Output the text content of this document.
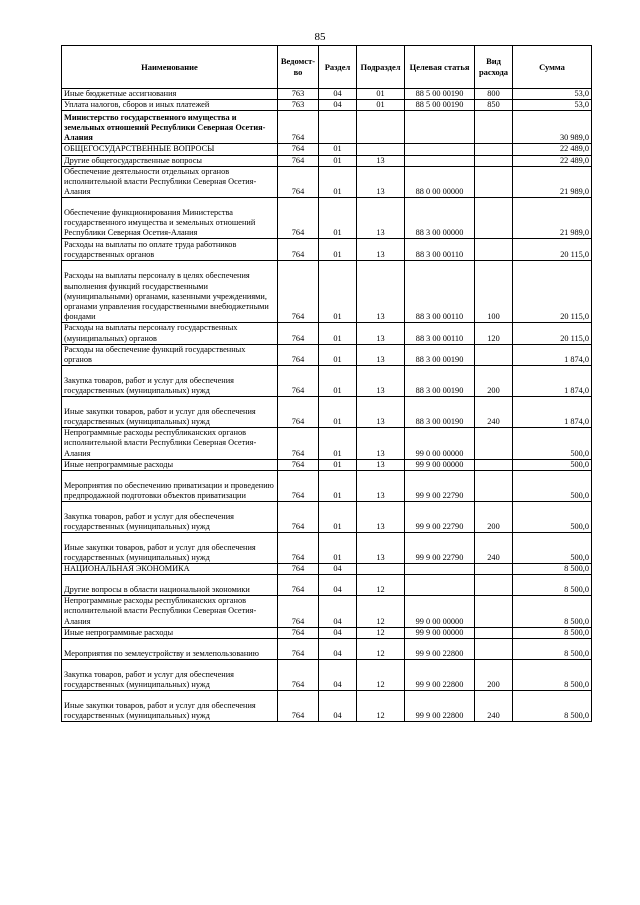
85
Наименование	Ведомст-во	Раздел	Подраздел	Целевая статья	Вид расхода	Сумма
Иные бюджетные ассигнования	763	04	01	88 5 00 00190	800	53,0
Уплата налогов, сборов и иных платежей	763	04	01	88 5 00 00190	850	53,0
Министерство государственного имущества и земельных отношений Республики Северная Осетия-Алания	764					30 989,0
ОБЩЕГОСУДАРСТВЕННЫЕ ВОПРОСЫ	764	01				22 489,0
Другие общегосударственные вопросы	764	01	13			22 489,0
Обеспечение деятельности отдельных органов исполнительной власти Республики Северная Осетия-Алания	764	01	13	88 0 00 00000		21 989,0
Обеспечение функционирования Министерства государственного имущества и земельных отношений Республики Северная Осетия-Алания	764	01	13	88 3 00 00000		21 989,0
Расходы на выплаты по оплате труда работников государственных органов	764	01	13	88 3 00 00110		20 115,0
Расходы на выплаты персоналу в целях обеспечения выполнения функций государственными (муниципальными) органами, казенными учреждениями, органами управления государственными внебюджетными фондами	764	01	13	88 3 00 00110	100	20 115,0
Расходы на выплаты персоналу государственных (муниципальных) органов	764	01	13	88 3 00 00110	120	20 115,0
Расходы на обеспечение функций государственных органов	764	01	13	88 3 00 00190		1 874,0
Закупка товаров, работ и услуг для обеспечения государственных (муниципальных) нужд	764	01	13	88 3 00 00190	200	1 874,0
Иные закупки товаров, работ и услуг для обеспечения государственных (муниципальных) нужд	764	01	13	88 3 00 00190	240	1 874,0
Непрограммные расходы республиканских органов исполнительной власти Республики Северная Осетия-Алания	764	01	13	99 0 00 00000		500,0
Иные непрограммные расходы	764	01	13	99 9 00 00000		500,0
Мероприятия по обеспечению приватизации и проведению предпродажной подготовки объектов приватизации	764	01	13	99 9 00 22790		500,0
Закупка товаров, работ и услуг для обеспечения государственных (муниципальных) нужд	764	01	13	99 9 00 22790	200	500,0
Иные закупки товаров, работ и услуг для обеспечения государственных (муниципальных) нужд	764	01	13	99 9 00 22790	240	500,0
НАЦИОНАЛЬНАЯ ЭКОНОМИКА	764	04				8 500,0
Другие вопросы в области национальной экономики	764	04	12			8 500,0
Непрограммные расходы республиканских органов исполнительной власти Республики Северная Осетия-Алания	764	04	12	99 0 00 00000		8 500,0
Иные непрограммные расходы	764	04	12	99 9 00 00000		8 500,0
Мероприятия по землеустройству и землепользованию	764	04	12	99 9 00 22800		8 500,0
Закупка товаров, работ и услуг для обеспечения государственных (муниципальных) нужд	764	04	12	99 9 00 22800	200	8 500,0
Иные закупки товаров, работ и услуг для обеспечения государственных (муниципальных) нужд	764	04	12	99 9 00 22800	240	8 500,0
